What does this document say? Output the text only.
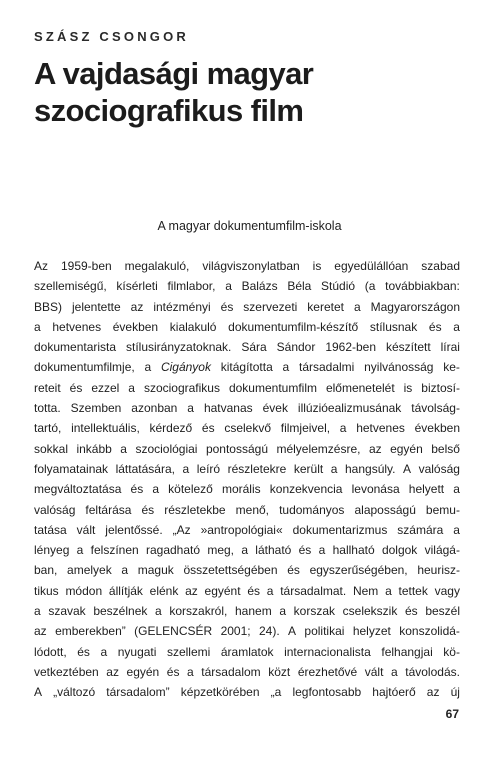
SZÁSZ CSONGOR
A vajdasági magyar
szociografikus film
A magyar dokumentumfilm-iskola
Az 1959-ben megalakuló, világviszonylatban is egyedülállóan szabad
szellemiségű, kísérleti filmlabor, a Balázs Béla Stúdió (a továbbiakban:
BBS) jelentette az intézményi és szervezeti keretet a Magyarországon
a hetvenes években kialakuló dokumentumfilm-készítő stílusnak és a
dokumentarista stílusirányzatoknak. Sára Sándor 1962-ben készített lírai
dokumentumfilmje, a Cigányok kitágította a társadalmi nyilvánosság ke-
reteit és ezzel a szociografikus dokumentumfilm előmenetelét is biztosí-
totta. Szemben azonban a hatvanas évek illúzióealizmusának távolság-
tartó, intellektuális, kérdező és cselekvő filmjeivel, a hetvenes években
sokkal inkább a szociológiai pontosságú mélyelemzésre, az egyén belső
folyamatainak láttatására, a leíró részletekre került a hangsúly. A valóság
megváltoztatása és a kötelező morális konzekvencia levonása helyett a
valóság feltárása és részletekbe menő, tudományos alaposságú bemu-
tatása vált jelentőssé. „Az »antropológiai« dokumentarizmus számára a
lényeg a felszínen ragadható meg, a látható és a hallható dolgok világá-
ban, amelyek a maguk összetettségében és egyszerűségében, heurisz-
tikus módon állítják elénk az egyént és a társadalmat. Nem a tettek vagy
a szavak beszélnek a korszakról, hanem a korszak cselekszik és beszél
az emberekben” (GELENCSÉR 2001; 24). A politikai helyzet konszolidá-
lódott, és a nyugati szellemi áramlatok internacionalista felhangjai kö-
vetkeztében az egyén és a társadalom közt érezhetővé vált a távolodás.
A „változó társadalom” képzetkörében „a legfontosabb hajtóerő az új
67
